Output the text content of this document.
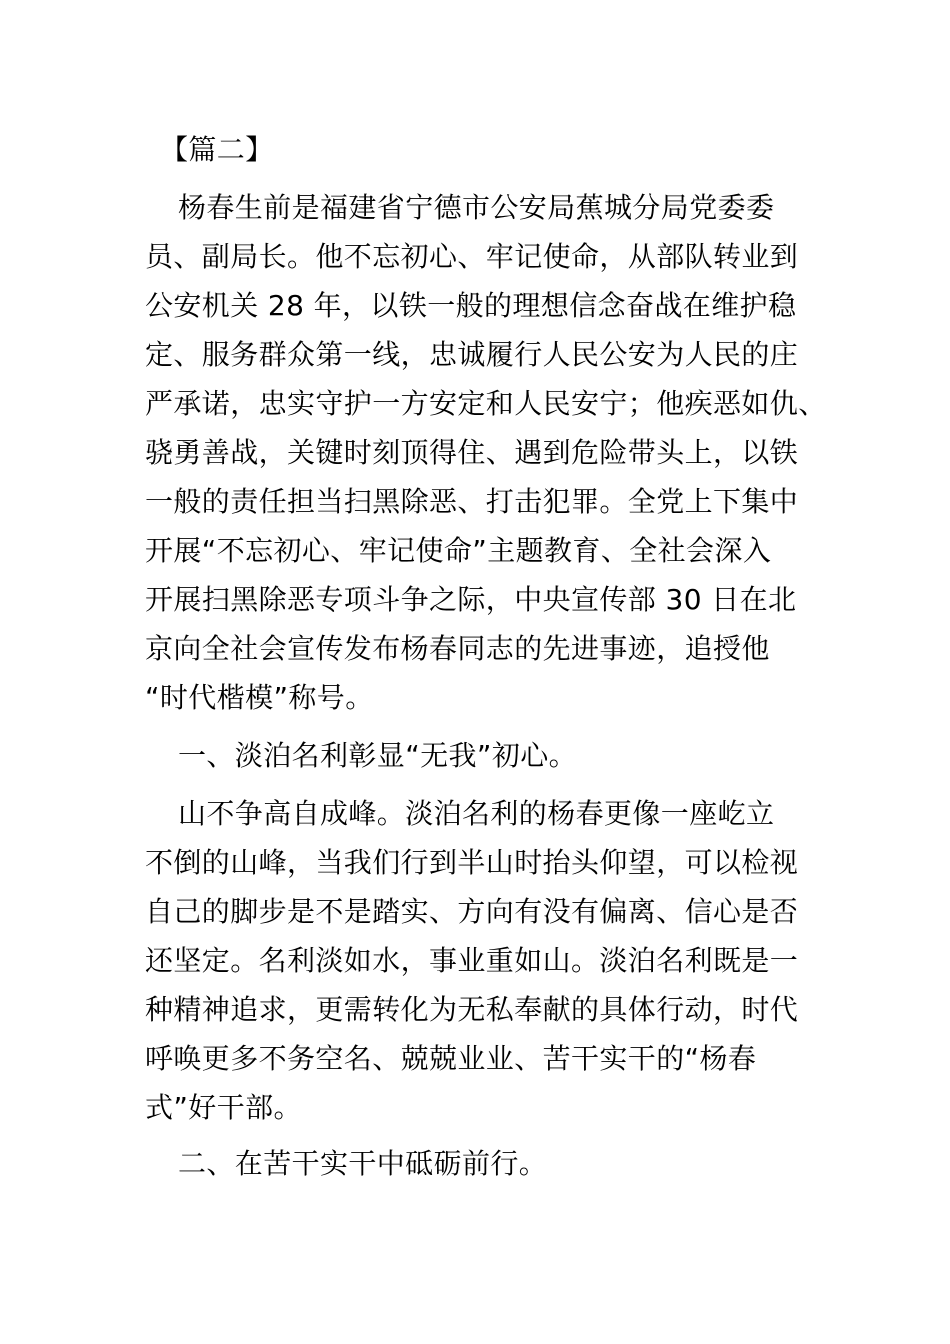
【篇二】
杨春生前是福建省宁德市公安局蕉城分局党委委
员、副局长。他不忘初心、牢记使命，从部队转业到
公安机关 28 年，以铁一般的理想信念奋战在维护稳
定、服务群众第一线，忠诚履行人民公安为人民的庄
严承诺，忠实守护一方安定和人民安宁；他疾恶如仇、
骁勇善战，关键时刻顶得住、遇到危险带头上，以铁
一般的责任担当扫黑除恶、打击犯罪。全党上下集中
开展“不忘初心、牢记使命”主题教育、全社会深入
开展扫黑除恶专项斗争之际，中央宣传部 30 日在北
京向全社会宣传发布杨春同志的先进事迹，追授他
“时代楷模”称号。
一、淡泊名利彰显“无我”初心。
山不争高自成峰。淡泊名利的杨春更像一座屹立
不倒的山峰，当我们行到半山时抬头仰望，可以检视
自己的脚步是不是踏实、方向有没有偏离、信心是否
还坚定。名利淡如水，事业重如山。淡泊名利既是一
种精神追求，更需转化为无私奉献的具体行动，时代
呼唤更多不务空名、兢兢业业、苦干实干的“杨春
式”好干部。
二、在苦干实干中砥砺前行。
